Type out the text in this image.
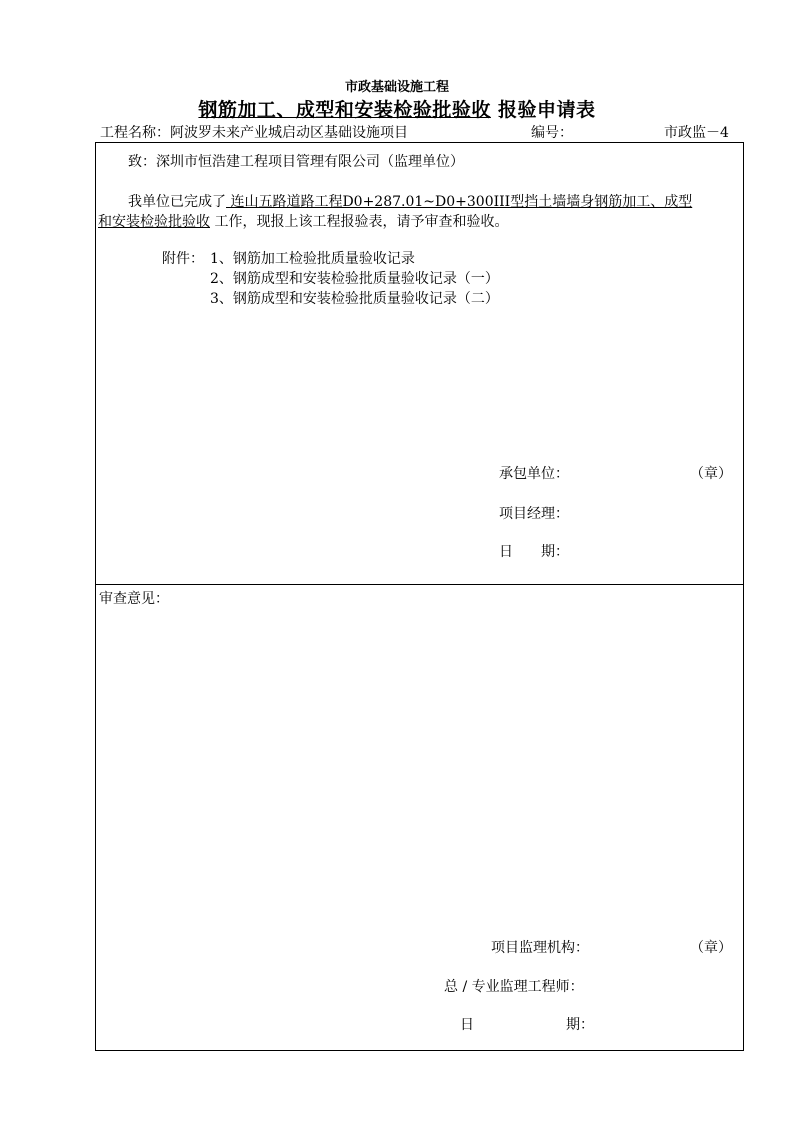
市政基础设施工程
钢筋加工、成型和安装检验批验收 报验申请表
工程名称：阿波罗未来产业城启动区基础设施项目	编号：	市政监－4
致：深圳市恒浩建工程项目管理有限公司（监理单位）
我单位已完成了 连山五路道路工程D0+287.01~D0+300III型挡土墙墙身钢筋加工、成型
和安装检验批验收 工作，现报上该工程报验表，请予审查和验收。
附件： 1、钢筋加工检验批质量验收记录
2、钢筋成型和安装检验批质量验收记录（一）
3、钢筋成型和安装检验批质量验收记录（二）
承包单位：	（章）
项目经理：
日　　期：
审查意见：
项目监理机构：	（章）
总 / 专业监理工程师：
日	期：
